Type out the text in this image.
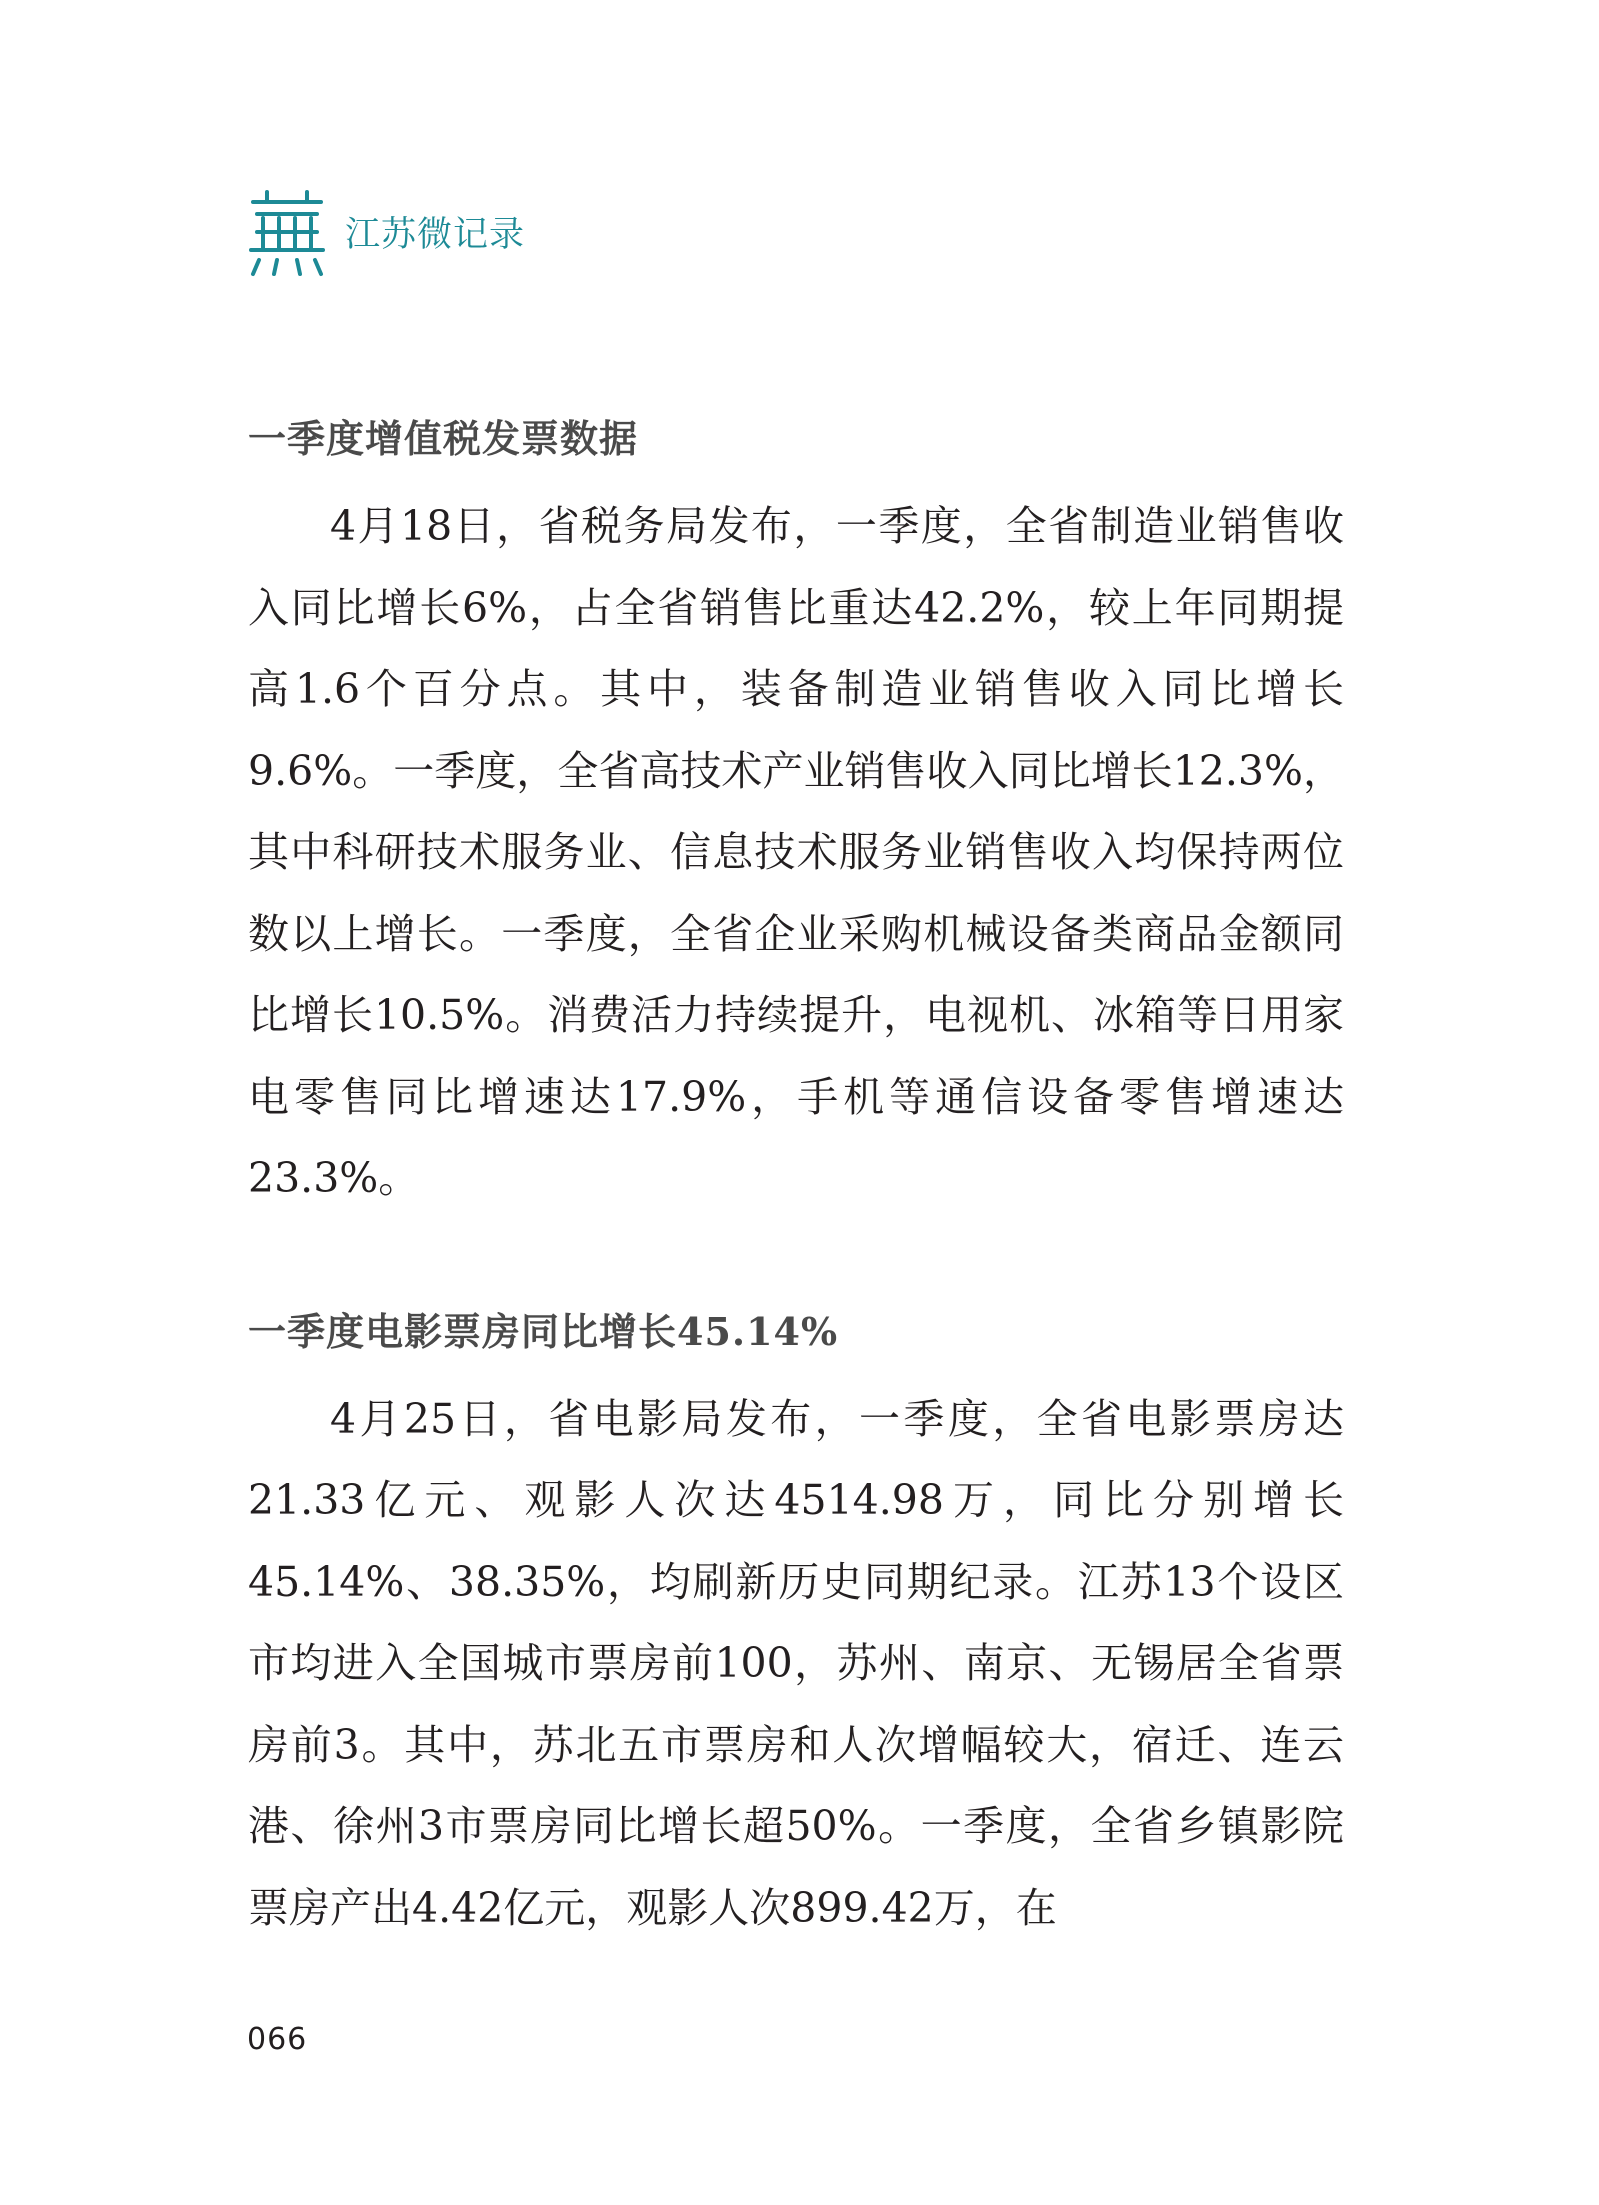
江苏微记录
一季度增值税发票数据

4月18日，省税务局发布，一季度，全省制造业销售收入同比增长6%，占全省销售比重达42.2%，较上年同期提高1.6个百分点。其中，装备制造业销售收入同比增长9.6%。一季度，全省高技术产业销售收入同比增长12.3%，其中科研技术服务业、信息技术服务业销售收入均保持两位数以上增长。一季度，全省企业采购机械设备类商品金额同比增长10.5%。消费活力持续提升，电视机、冰箱等日用家电零售同比增速达17.9%，手机等通信设备零售增速达23.3%。

一季度电影票房同比增长45.14%

4月25日，省电影局发布，一季度，全省电影票房达21.33亿元、观影人次达4514.98万，同比分别增长45.14%、38.35%，均刷新历史同期纪录。江苏13个设区市均进入全国城市票房前100，苏州、南京、无锡居全省票房前3。其中，苏北五市票房和人次增幅较大，宿迁、连云港、徐州3市票房同比增长超50%。一季度，全省乡镇影院票房产出4.42亿元，观影人次899.42万，在

066
